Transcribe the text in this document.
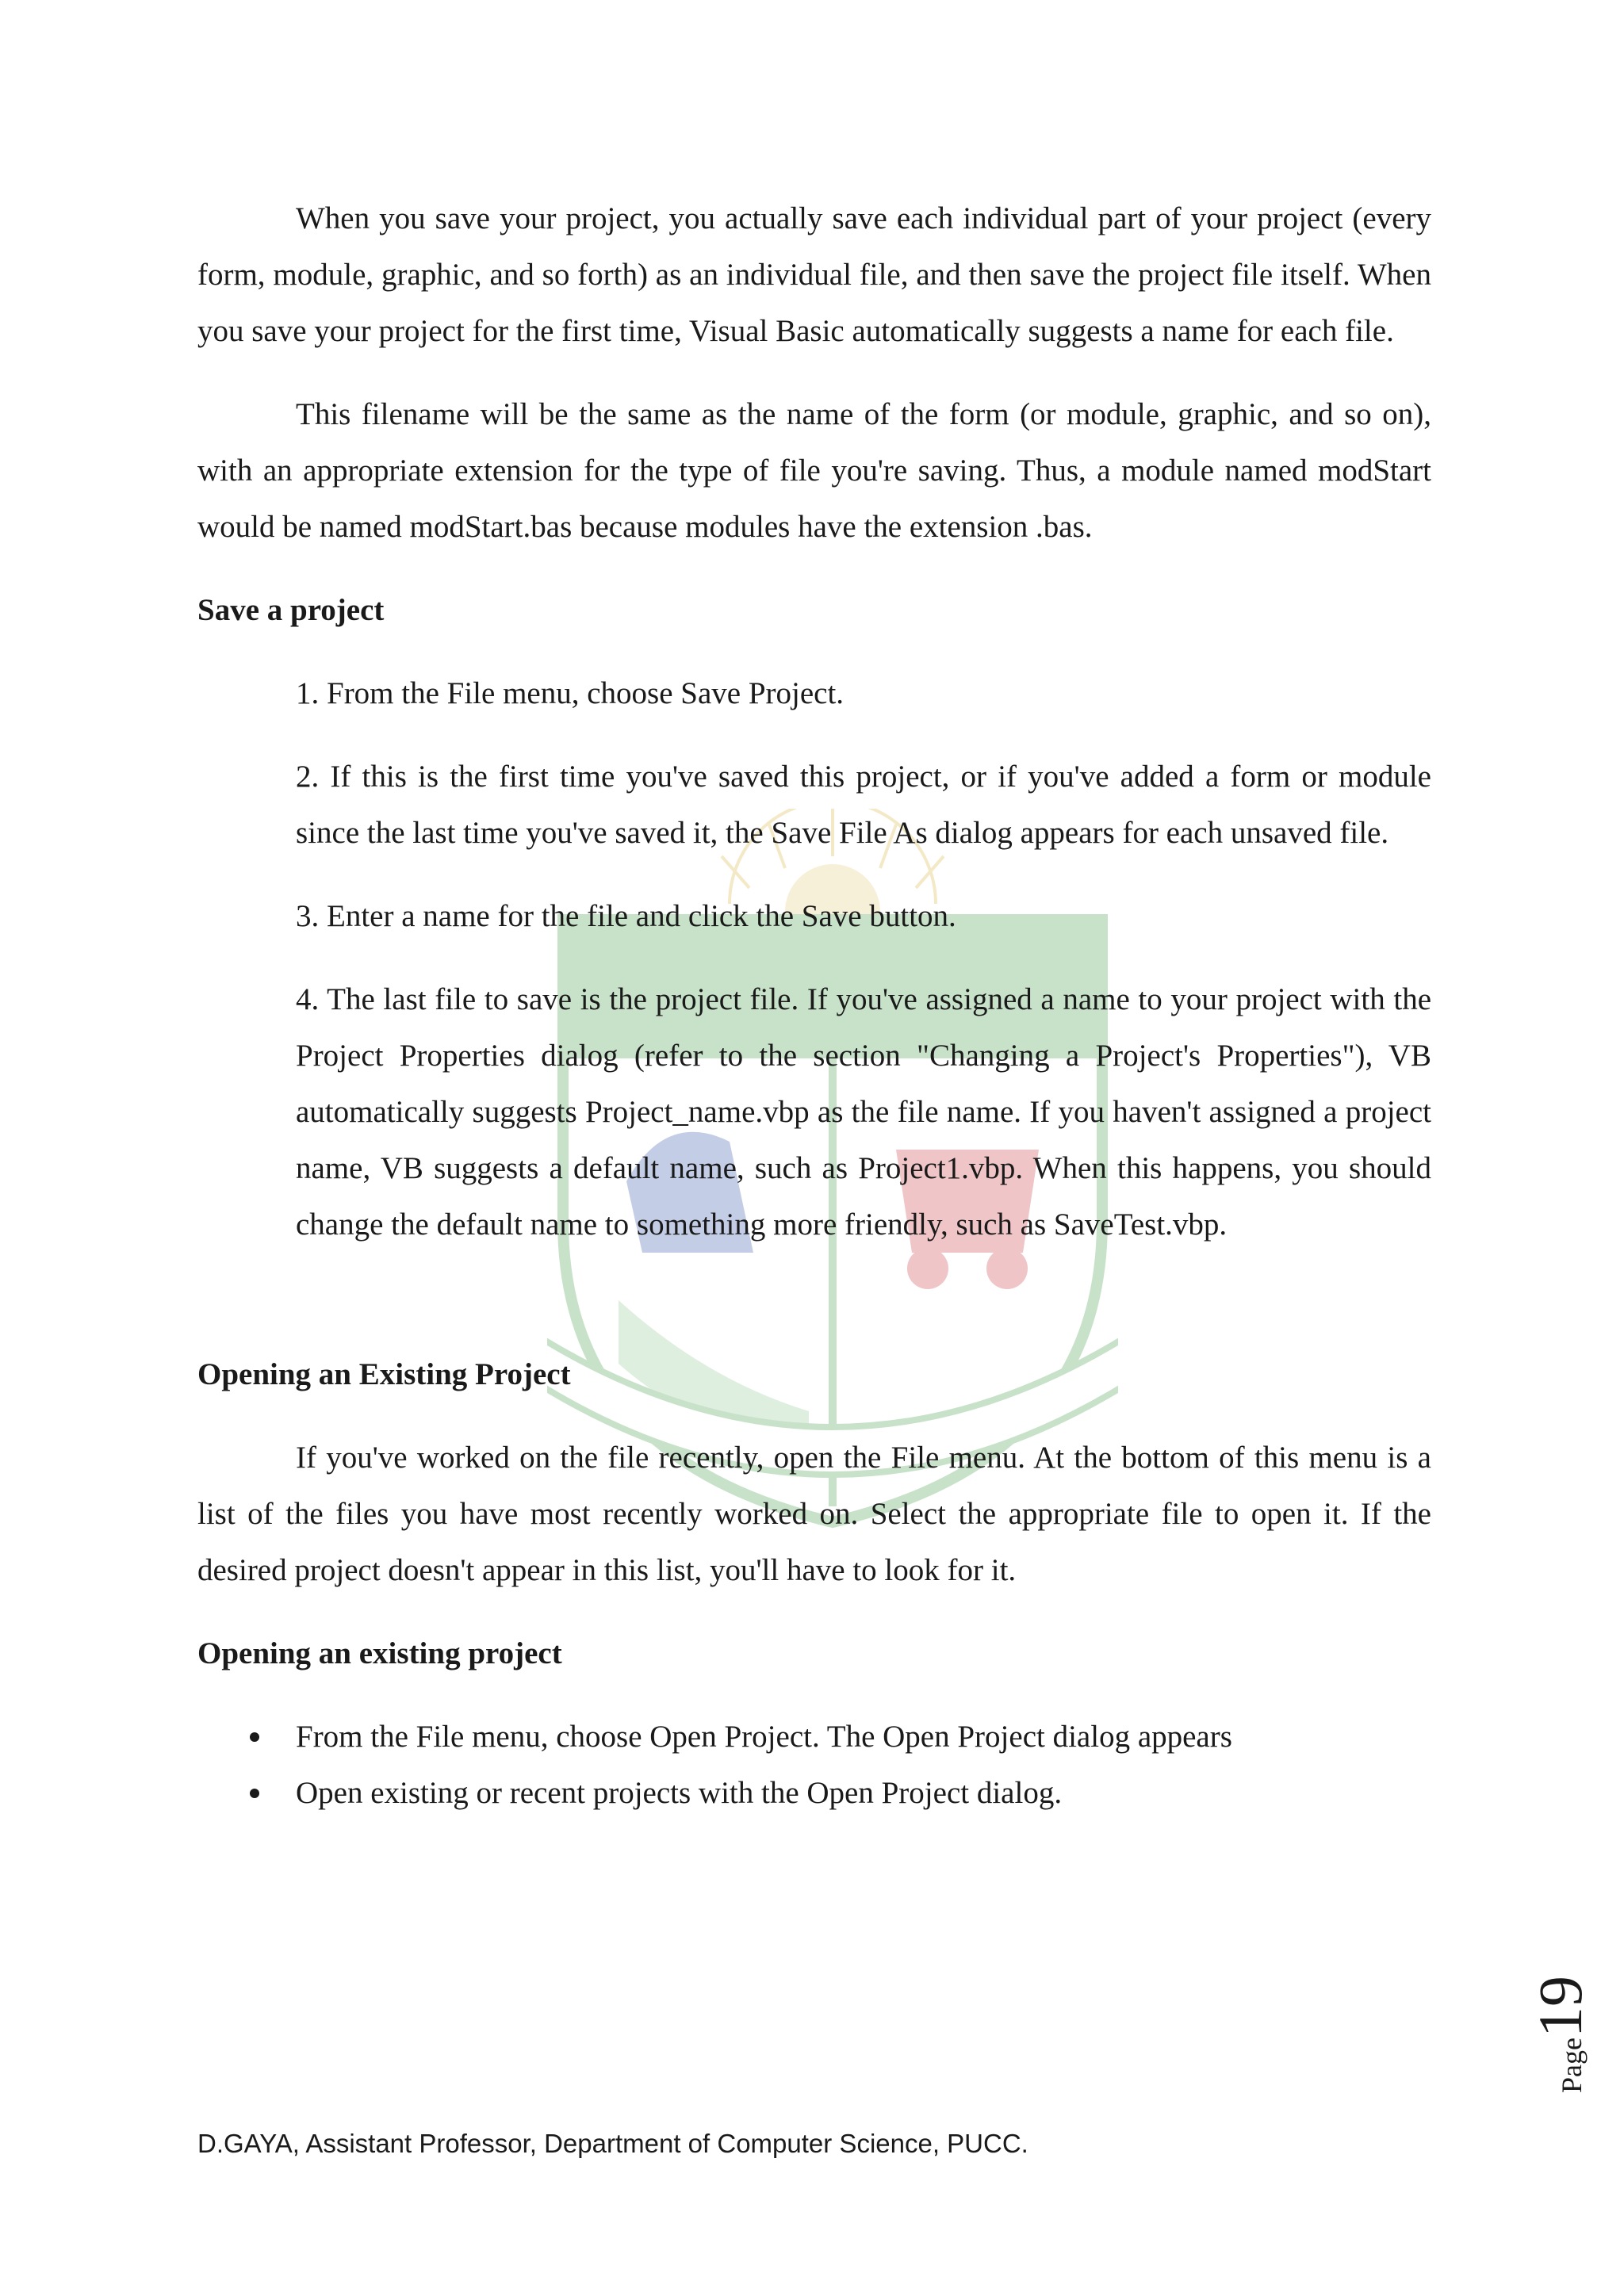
When you save your project, you actually save each individual part of your project (every form, module, graphic, and so forth) as an individual file, and then save the project file itself. When you save your project for the first time, Visual Basic automatically suggests a name for each file.

This filename will be the same as the name of the form (or module, graphic, and so on), with an appropriate extension for the type of file you're saving. Thus, a module named modStart would be named modStart.bas because modules have the extension .bas.

Save a project

1. From the File menu, choose Save Project.

2. If this is the first time you've saved this project, or if you've added a form or module since the last time you've saved it, the Save File As dialog appears for each unsaved file.

3. Enter a name for the file and click the Save button.

4. The last file to save is the project file. If you've assigned a name to your project with the Project Properties dialog (refer to the section "Changing a Project's Properties"), VB automatically suggests Project_name.vbp as the file name. If you haven't assigned a project name, VB suggests a default name, such as Project1.vbp. When this happens, you should change the default name to something more friendly, such as SaveTest.vbp.

Opening an Existing Project

If you've worked on the file recently, open the File menu. At the bottom of this menu is a list of the files you have most recently worked on. Select the appropriate file to open it. If the desired project doesn't appear in this list, you'll have to look for it.

Opening an existing project
From the File menu, choose Open Project. The Open Project dialog appears
Open existing or recent projects with the Open Project dialog.
Page19
D.GAYA, Assistant Professor, Department of Computer Science, PUCC.
